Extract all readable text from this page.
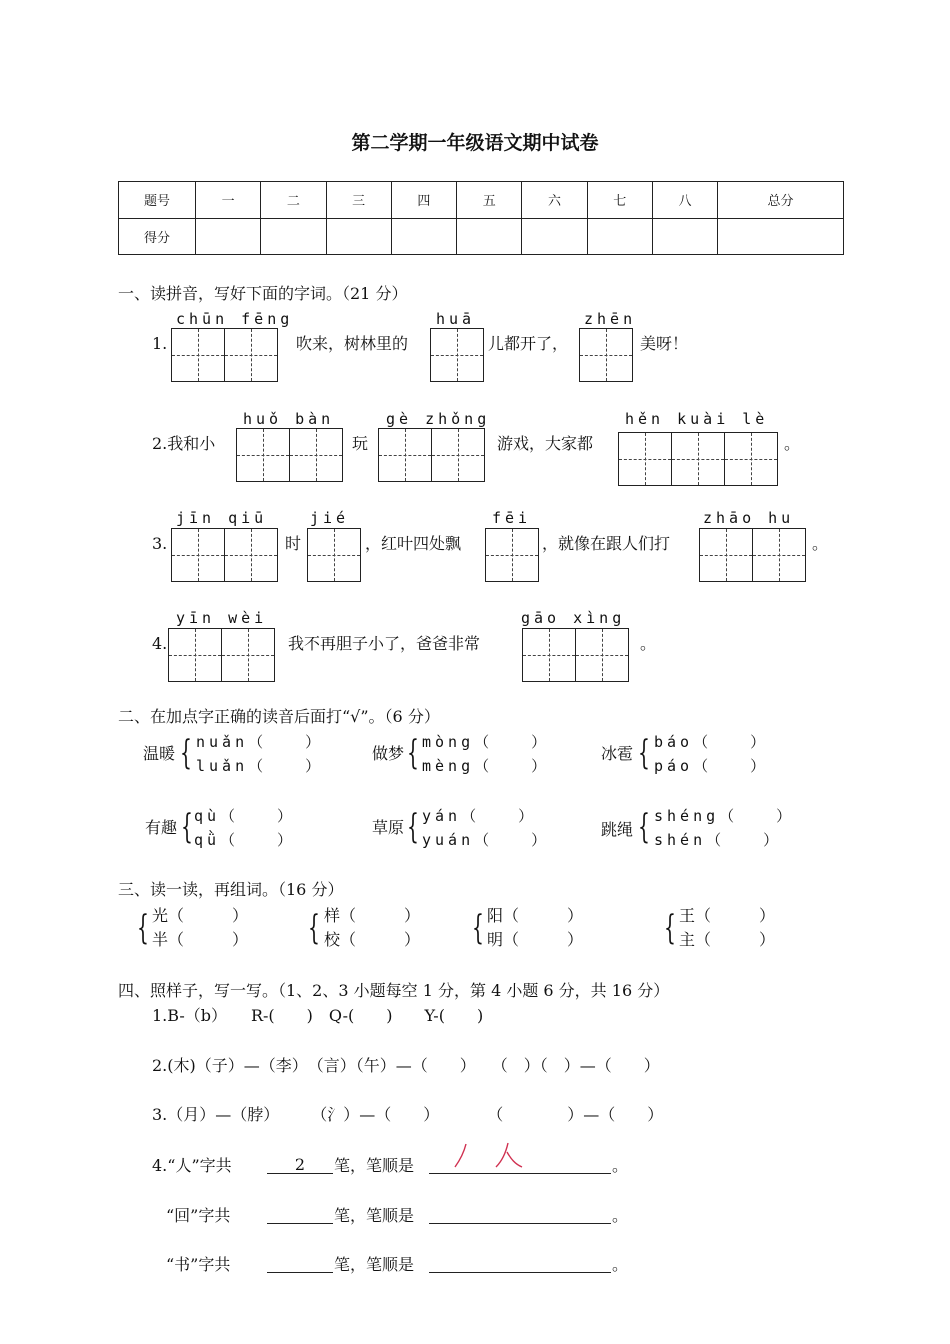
第二学期一年级语文期中试卷
题号	一	二	三	四	五	六	七	八	总分
得分									
一、读拼音，写好下面的字词。（21 分）
chūn fēng
1.	吹来，树林里的
huā
儿都开了，
zhēn
美呀！
huǒ bàn
2.我和小	玩
gè zhǒng
游戏，大家都
hěn kuài lè
。
jīn qiū
3.	时
jié
，红叶四处飘
fēi
，就像在跟人们打
zhāo hu
。
yīn wèi
4.	我不再胆子小了，爸爸非常
gāo xìng
。
二、在加点字正确的读音后面打“√”。（6 分）
温暖 { nuǎn（　　）
luǎn（　　）
做梦 { mòng（　　）
mèng（　　）
冰雹 { báo（　　）
páo（　　）
有趣 { qù（　　）
qǜ（　　）
草原 { yán（　　）
yuán（　　）
跳绳 { shéng（　　）
shén（　　）
三、读一读，再组词。（16 分）
{ 光（　　　）
半（　　　） { 样（　　　）
校（　　　） { 阳（　　　）
明（　　　） { 王（　　　）
主（　　　）
四、照样子，写一写。（1、2、3 小题每空 1 分，第 4 小题 6 分，共 16 分）
1.B-（b）　　R-(　　)　Q-(　　)　　Y-(　　)
2.(木)（子）—（李）　（言）（午）—（　　）　　（　）（　）—（　　）
3.（月）—（脖）　　　（氵）—（　　）　　　　（　　　　）—（　　）
4.“人”字共	2	笔，笔顺是	。
“回”字共	笔，笔顺是	。
“书”字共	笔，笔顺是	。
